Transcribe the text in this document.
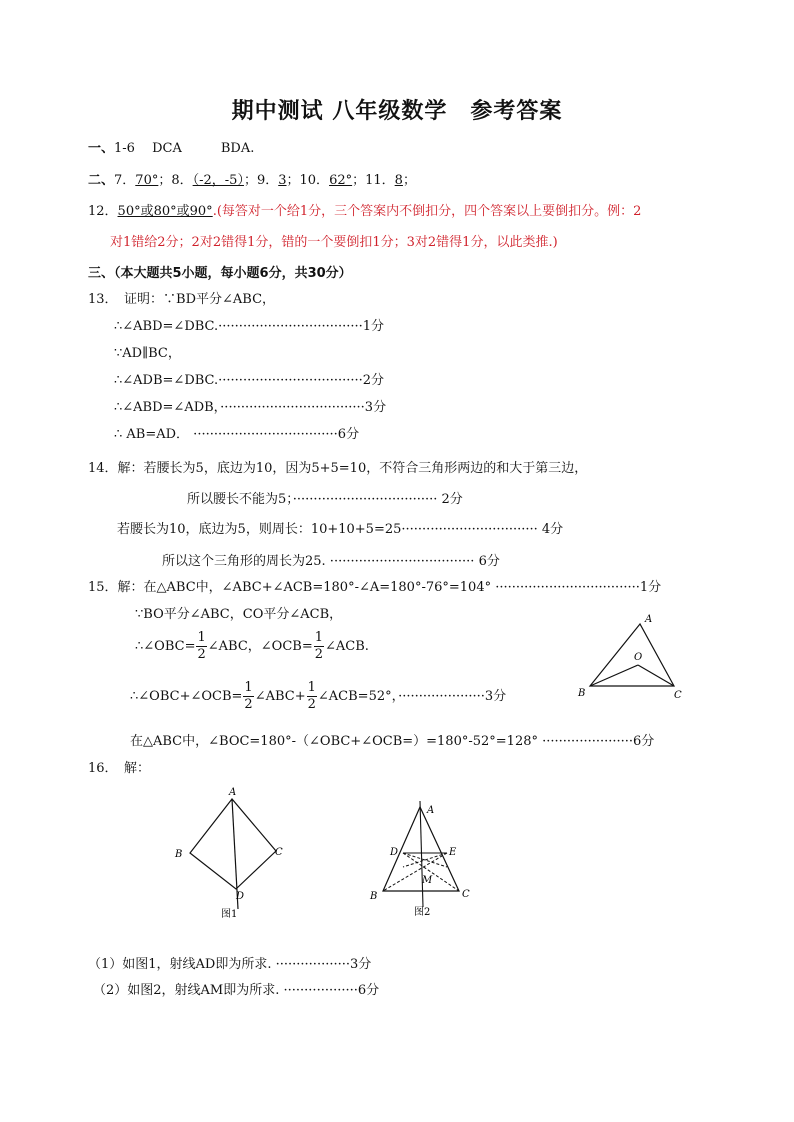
期中测试 八年级数学　参考答案
一、1-6　 DCA　　　BDA.
二、7．70°；8．（-2，-5）；9．3；10．62°；11．8；
12．50°或80°或90°.(每答对一个给1分，三个答案内不倒扣分，四个答案以上要倒扣分。例：2
对1错给2分；2对2错得1分，错的一个要倒扣1分；3对2错得1分，以此类推.)
三、（本大题共5小题，每小题6分，共30分）
13．　证明：∵BD平分∠ABC，
∴∠ABD=∠DBC.···································1分
∵AD∥BC，
∴∠ADB=∠DBC.···································2分
∴∠ABD=∠ADB，···································3分
∴ AB=AD． ···································6分
14．解：若腰长为5，底边为10，因为5+5=10，不符合三角形两边的和大于第三边，
所以腰长不能为5；··································· 2分
若腰长为10，底边为5，则周长：10+10+5=25································· 4分
所以这个三角形的周长为25. ··································· 6分
15．解：在△ABC中，∠ABC+∠ACB=180°-∠A=180°-76°=104° ···································1分
∵BO平分∠ABC，CO平分∠ACB，
∴∠OBC= $\frac{1}{2}$ ∠ABC，∠OCB= $\frac{1}{2}$ ∠ACB.
∴∠OBC+∠OCB= $\frac{1}{2}$ ∠ABC+ $\frac{1}{2}$ ∠ACB=52°，·····················3分
在△ABC中，∠BOC=180°-（∠OBC+∠OCB=）=180°-52°=128° ······················6分
A
B	C
O
16．　解：
A
B	C
D
图1
A
D	E
M
B	C
图2
（1）如图1，射线AD即为所求. ··················3分
（2）如图2，射线AM即为所求. ··················6分
